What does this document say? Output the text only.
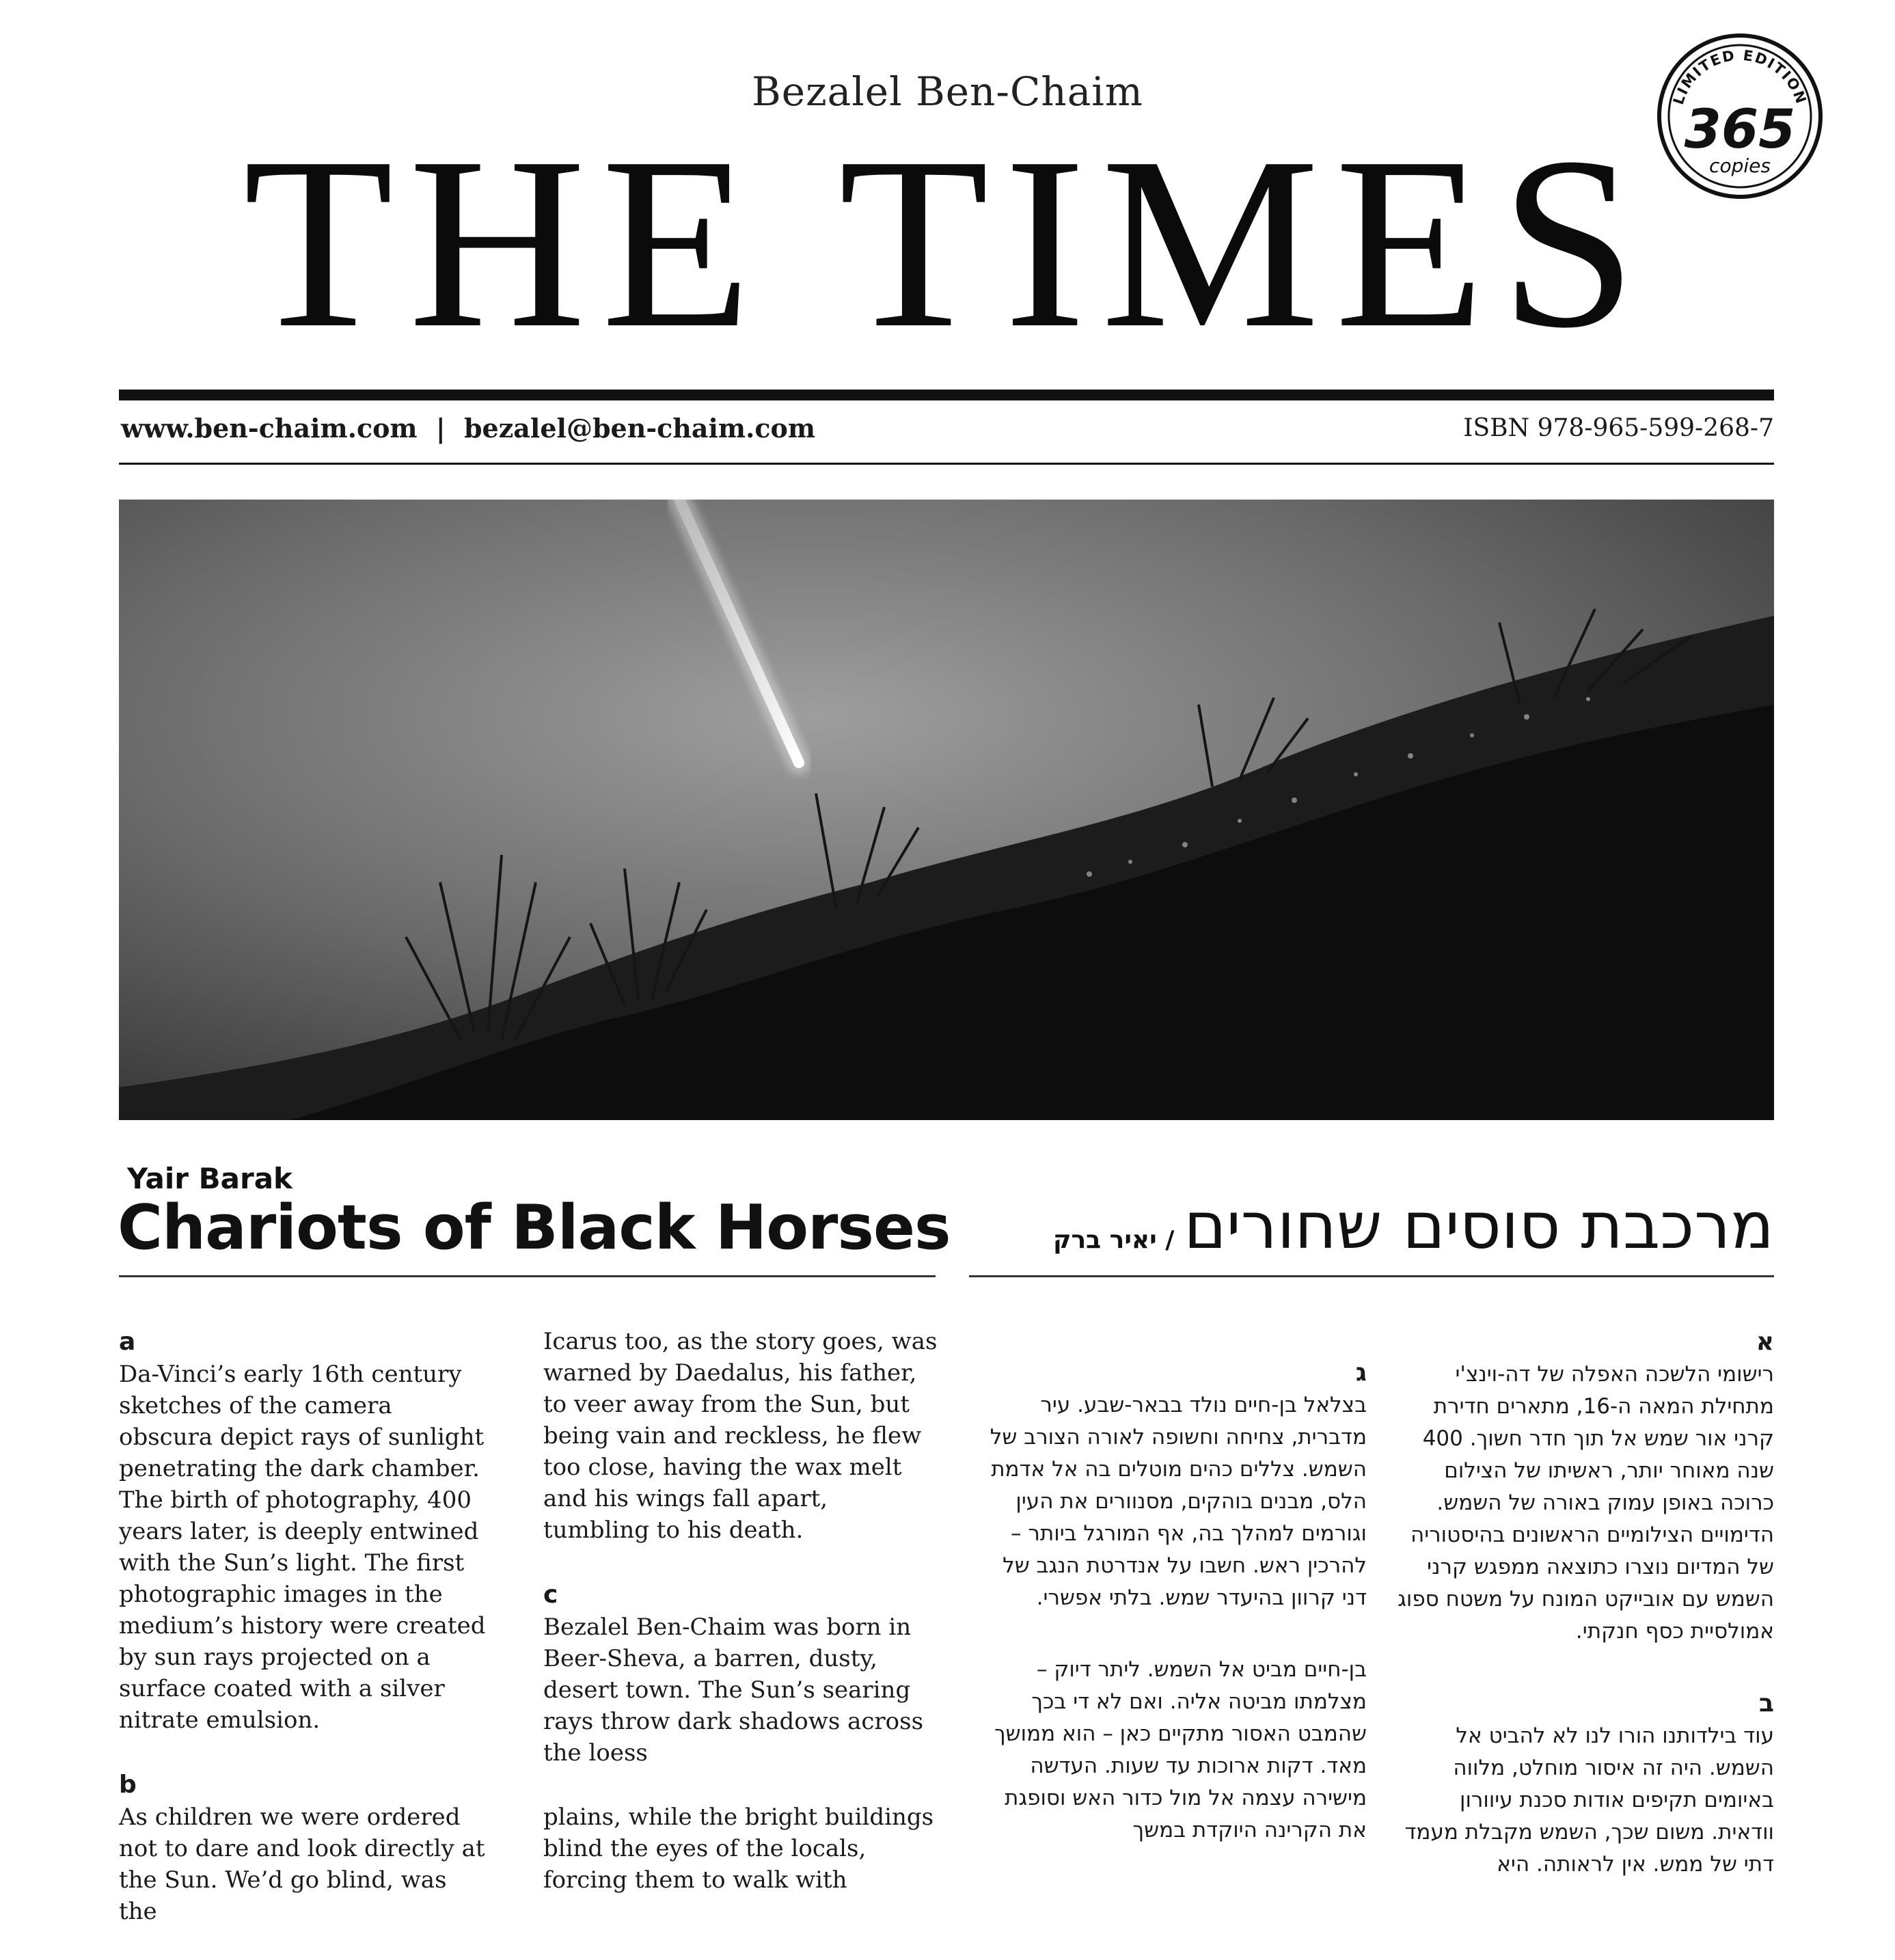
Bezalel Ben-Chaim
THE TIMES
LIMITED EDITION
365
copies
www.ben-chaim.com | bezalel@ben-chaim.com	ISBN 978-965-599-268-7
Yair Barak
Chariots of Black Horses	מרכבת סוסים שחורים/ יאיר ברק

a
Da-Vinci’s early 16th century sketches of the camera obscura depict rays of sunlight penetrating the dark chamber. The birth of photography, 400 years later, is deeply entwined with the Sun’s light. The first photographic images in the medium’s history were created by sun rays projected on a surface coated with a silver nitrate emulsion.

b
As children we were ordered not to dare and look directly at the Sun. We’d go blind, was the

Icarus too, as the story goes, was warned by Daedalus, his father, to veer away from the Sun, but being vain and reckless, he flew too close, having the wax melt and his wings fall apart, tumbling to his death.

c
Bezalel Ben-Chaim was born in Beer-Sheva, a barren, dusty, desert town. The Sun’s searing rays throw dark shadows across the loess

plains, while the bright buildings blind the eyes of the locals, forcing them to walk with

ג
בצלאל בן-חיים נולד בבאר-שבע. עיר מדברית, צחיחה וחשופה לאורה הצורב של השמש. צללים כהים מוטלים בה אל אדמת הלס, מבנים בוהקים, מסנוורים את העין וגורמים למהלך בה, אף המורגל ביותר – להרכין ראש. חשבו על אנדרטת הנגב של דני קרוון בהיעדר שמש. בלתי אפשרי.

בן-חיים מביט אל השמש. ליתר דיוק – מצלמתו מביטה אליה. ואם לא די בכך שהמבט האסור מתקיים כאן – הוא ממושך מאד. דקות ארוכות עד שעות. העדשה מישירה עצמה אל מול כדור האש וסופגת את הקרינה היוקדת במשך

א
רישומי הלשכה האפלה של דה-וינצ'י מתחילת המאה ה-16, מתארים חדירת קרני אור שמש אל תוך חדר חשוך. 400 שנה מאוחר יותר, ראשיתו של הצילום כרוכה באופן עמוק באורה של השמש. הדימויים הצילומיים הראשונים בהיסטוריה של המדיום נוצרו כתוצאה ממפגש קרני השמש עם אובייקט המונח על משטח ספוג אמולסיית כסף חנקתי.

ב
עוד בילדותנו הורו לנו לא להביט אל השמש. היה זה איסור מוחלט, מלווה באיומים תקיפים אודות סכנת עיוורון וודאית. משום שכך, השמש מקבלת מעמד דתי של ממש. אין לראותה. היא
